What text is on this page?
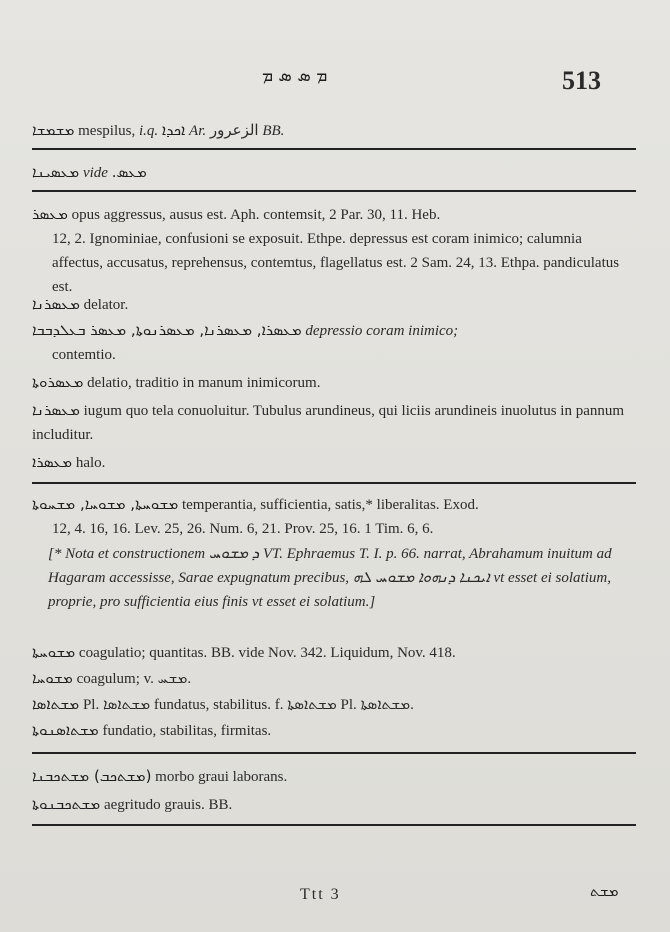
ܡ ܣ ܣ ܡ	513
ܡܫܡܫܐ mespilus, i.q. ܐܟܕܐ Ar. الزعرور BB.
ܡܥܣܝܢܐ vide ܡܥܣ.
ܡܥܣܪ opus aggressus, ausus est. Aph. contemsit, 2 Par. 30, 11. Heb.
12, 2. Ignominiae, confusioni se exposuit. Ethpe. depressus est coram inimico; calumnia affectus, accusatus, reprehensus, contemtus, flagellatus est. 2 Sam. 24, 13. Ethpa. pandiculatus est.
ܡܥܣܪܢܐ delator.
ܡܥܣܪܐ, ܡܥܣܪܢܐ, ܡܥܣܪܢܘܬܐ, ܡܥܣܪ ܒܥܠܕܒܒܐ depressio coram inimico;
contemtio.
ܡܥܣܪܘܬܐ delatio, traditio in manum inimicorum.
ܡܥܣܪܢܐ iugum quo tela conuoluitur. Tubulus arundineus, qui liciis arundineis inuolutus in pannum includitur.
ܡܥܣܪܐ halo.
ܡܫܘܚܬܐ, ܡܫܘܚܐ, ܡܫܚܘܬܐ temperantia, sufficientia, satis,* liberalitas. Exod.
12, 4. 16, 16. Lev. 25, 26. Num. 6, 21. Prov. 25, 16. 1 Tim. 6, 6.
[* Nota et constructionem ܕ ܡܫܘܚ VT. Ephraemus T. I. p. 66. narrat, Abrahamum inuitum ad Hagaram accessisse, Sarae expugnatum precibus, ܐܝܟܢܐ ܕܢܗܘܐ ܡܫܘܚ ܠܗ vt esset ei solatium, proprie, pro sufficientia eius finis vt esset ei solatium.]
ܡܫܘܚܬܐ coagulatio; quantitas. BB. vide Nov. 342. Liquidum, Nov. 418.
ܡܫܘܚܐ coagulum; v. ܡܫܚ.
ܡܫܬܐܣܐ Pl. ܡܫܬܐܣܐ fundatus, stabilitus. f. ܡܫܬܐܣܬܐ Pl. ܡܫܬܐܣܬܐ.
ܡܫܬܐܣܢܘܬܐ fundatio, stabilitas, firmitas.
(ܡܫܬܟܒ) ܡܫܬܟܒܢܐ morbo graui laborans.
ܡܫܬܟܒܢܘܬܐ aegritudo grauis. BB.
Ttt 3	ܡܫܬ
